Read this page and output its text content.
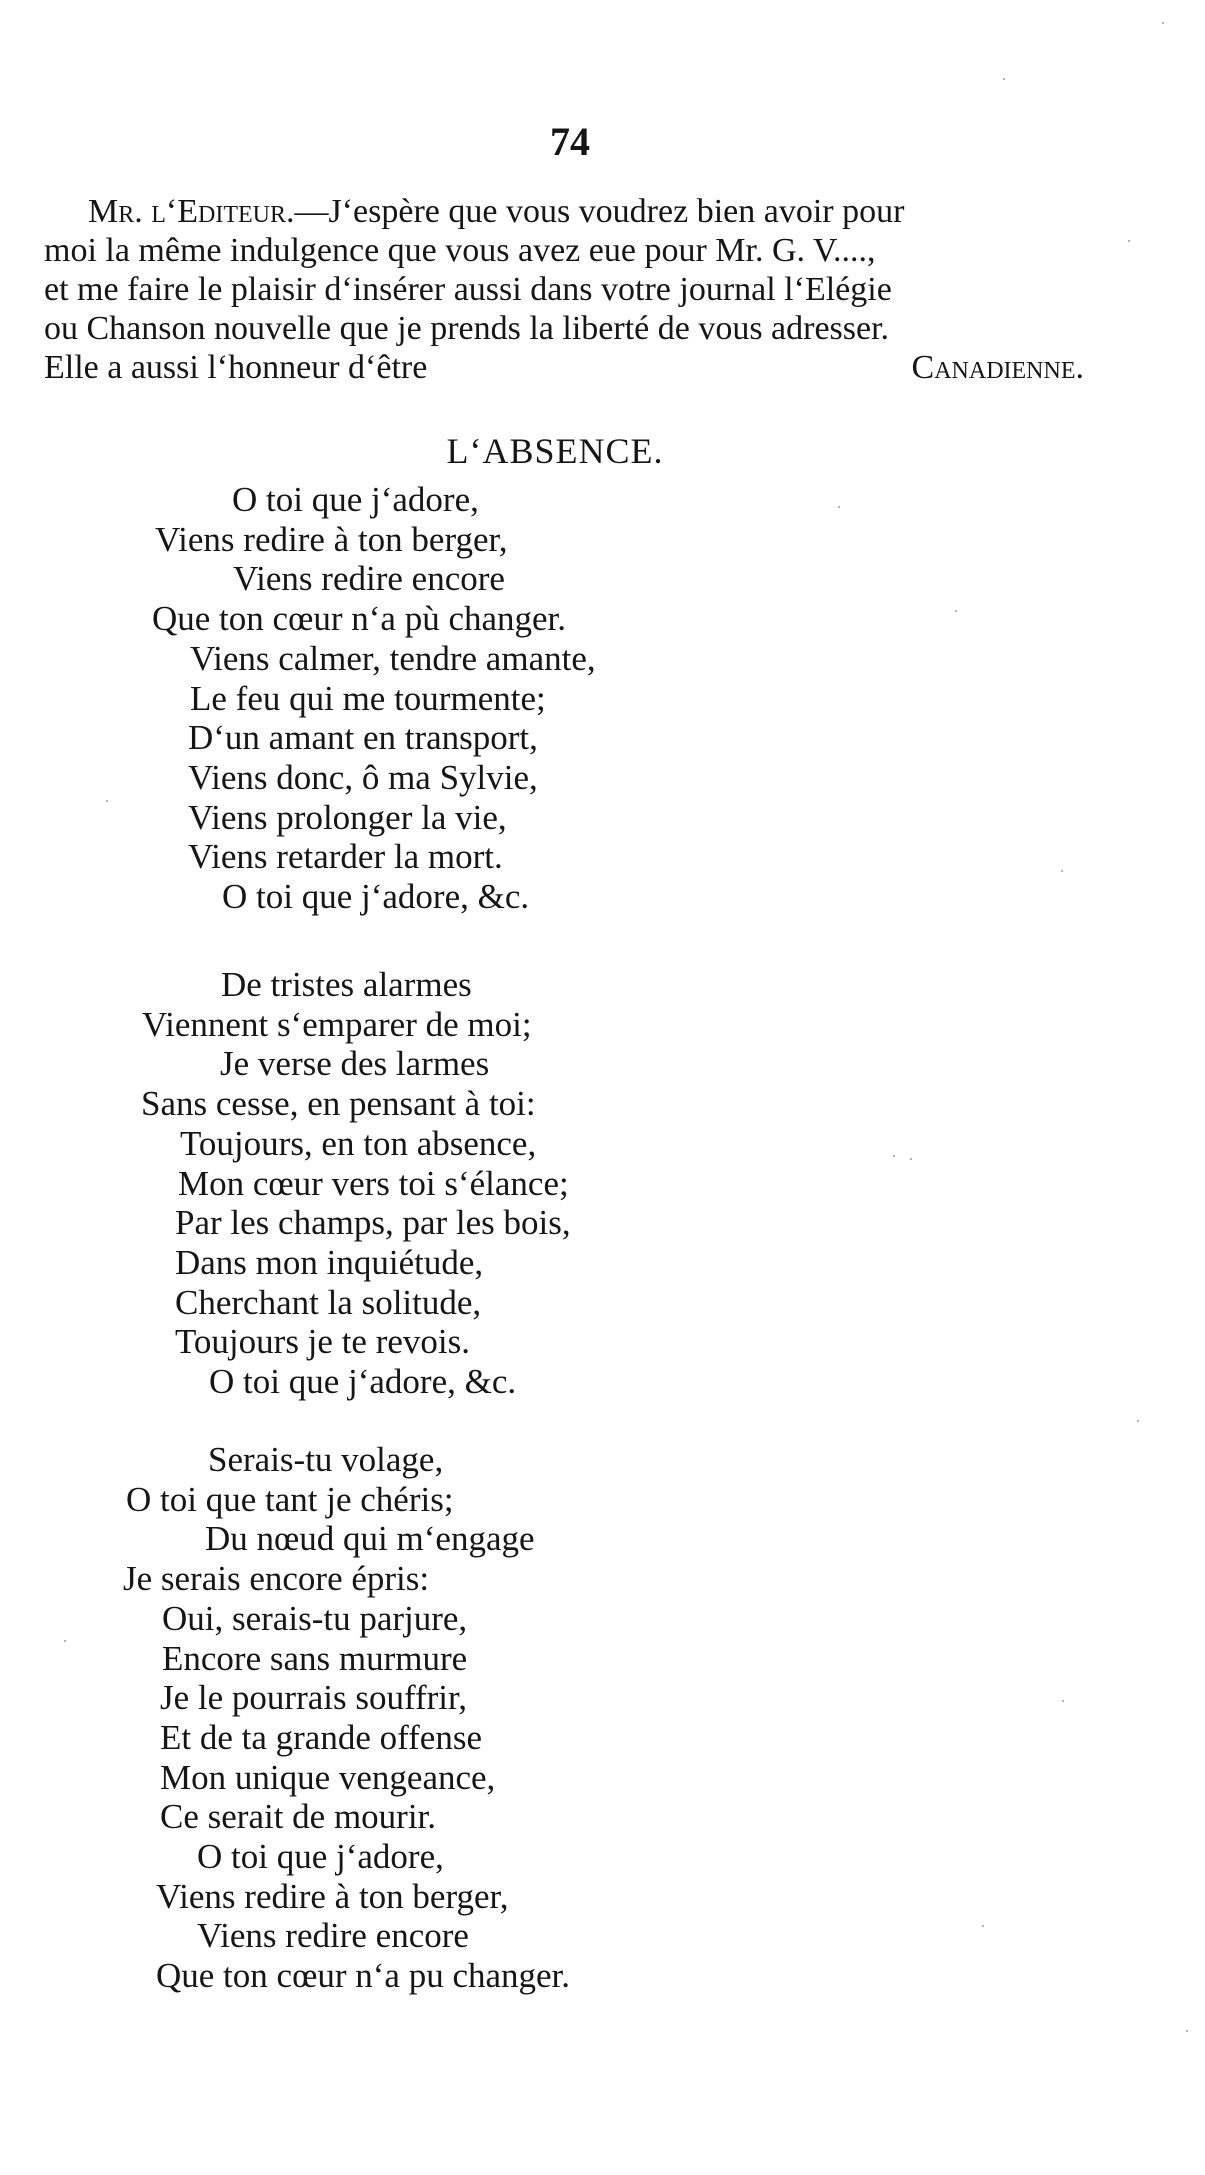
74
Mr. l‘Editeur.—J‘espère que vous voudrez bien avoir pour
moi la même indulgence que vous avez eue pour Mr. G. V....,
et me faire le plaisir d‘insérer aussi dans votre journal l‘Elégie
ou Chanson nouvelle que je prends la liberté de vous adresser.
Elle a aussi l‘honneur d‘être	Canadienne.
L‘ABSENCE.
O toi que j‘adore,
Viens redire à ton berger,
Viens redire encore
Que ton cœur n‘a pù changer.
Viens calmer, tendre amante,
Le feu qui me tourmente;
D‘un amant en transport,
Viens donc, ô ma Sylvie,
Viens prolonger la vie,
Viens retarder la mort.
O toi que j‘adore, &c.
De tristes alarmes
Viennent s‘emparer de moi;
Je verse des larmes
Sans cesse, en pensant à toi:
Toujours, en ton absence,
Mon cœur vers toi s‘élance;
Par les champs, par les bois,
Dans mon inquiétude,
Cherchant la solitude,
Toujours je te revois.
O toi que j‘adore, &c.
Serais-tu volage,
O toi que tant je chéris;
Du nœud qui m‘engage
Je serais encore épris:
Oui, serais-tu parjure,
Encore sans murmure
Je le pourrais souffrir,
Et de ta grande offense
Mon unique vengeance,
Ce serait de mourir.
O toi que j‘adore,
Viens redire à ton berger,
Viens redire encore
Que ton cœur n‘a pu changer.
